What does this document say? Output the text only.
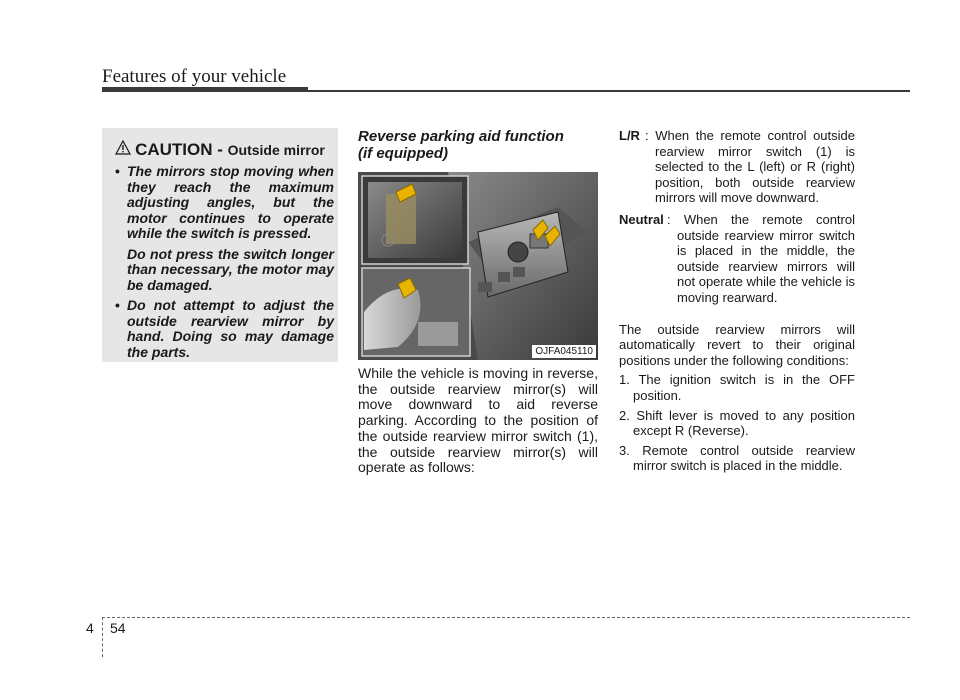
Features of your vehicle
CAUTION - Outside mirror
• The mirrors stop moving when they reach the maximum adjusting angles, but the motor continues to operate while the switch is pressed.

Do not press the switch longer than necessary, the motor may be damaged.

• Do not attempt to adjust the outside rearview mirror by hand. Doing so may damage the parts.

Reverse parking aid function
(if equipped)
OJFA045110
While the vehicle is moving in reverse, the outside rearview mirror(s) will move downward to aid reverse parking. According to the position of the outside rearview mirror switch (1), the outside rearview mirror(s) will operate as follows:
L/R : When the remote control outside rearview mirror switch (1) is selected to the L (left) or R (right) position, both outside rearview mirrors will move downward.
Neutral : When the remote control outside rearview mirror switch is placed in the middle, the outside rearview mirrors will not operate while the vehicle is moving rearward.
The outside rearview mirrors will automatically revert to their original positions under the following conditions:
1. The ignition switch is in the OFF position.
2. Shift lever is moved to any position except R (Reverse).
3. Remote control outside rearview mirror switch is placed in the middle.
4 54
